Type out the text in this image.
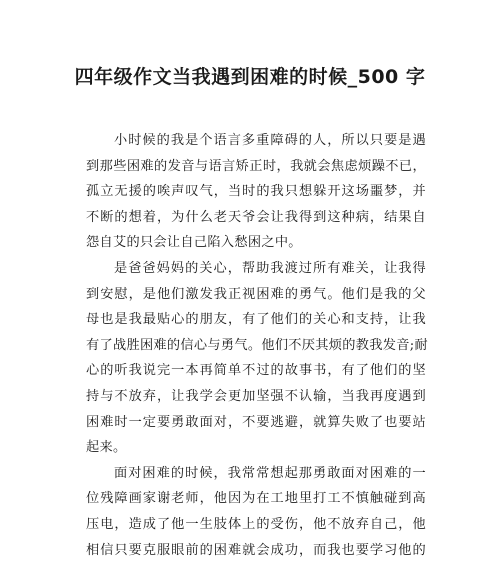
四年级作文当我遇到困难的时候_500 字

小时候的我是个语言多重障碍的人，所以只要是遇
到那些困难的发音与语言矫正时，我就会焦虑烦躁不已，
孤立无援的唉声叹气，当时的我只想躲开这场噩梦，并
不断的想着，为什么老天爷会让我得到这种病，结果自
怨自艾的只会让自己陷入愁困之中。

是爸爸妈妈的关心，帮助我渡过所有难关，让我得
到安慰，是他们激发我正视困难的勇气。他们是我的父
母也是我最贴心的朋友，有了他们的关心和支持，让我
有了战胜困难的信心与勇气。他们不厌其烦的教我发音;耐
心的听我说完一本再简单不过的故事书，有了他们的坚
持与不放弃，让我学会更加坚强不认输，当我再度遇到
困难时一定要勇敢面对，不要逃避，就算失败了也要站
起来。

面对困难的时候，我常常想起那勇敢面对困难的一
位残障画家谢老师，他因为在工地里打工不慎触碰到高
压电，造成了他一生肢体上的受伤，他不放弃自己，他
相信只要克服眼前的困难就会成功，而我也要学习他的
